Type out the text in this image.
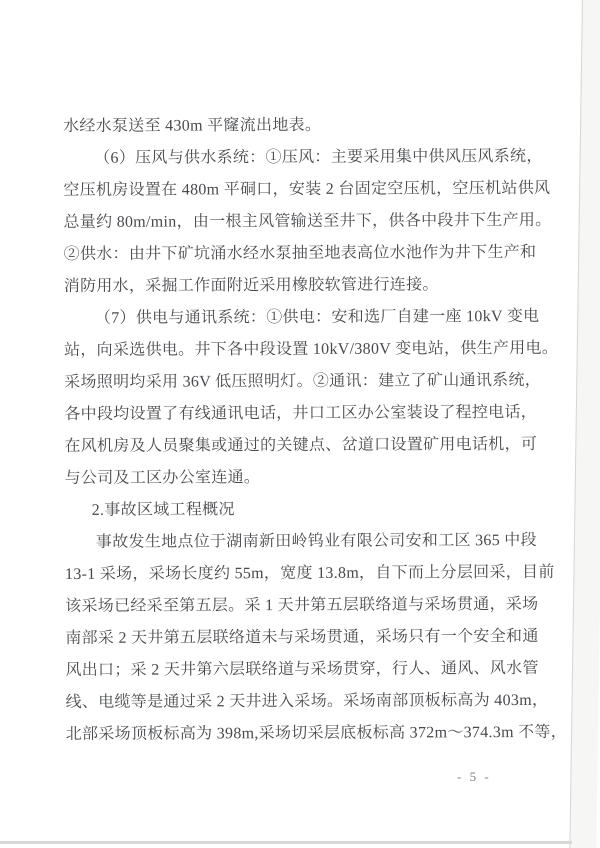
水经水泵送至 430m 平窿流出地表。
（6）压风与供水系统：①压风：主要采用集中供风压风系统，
空压机房设置在 480m 平硐口，安装 2 台固定空压机，空压机站供风
总量约 80m/min，由一根主风管输送至井下，供各中段井下生产用。
②供水：由井下矿坑涌水经水泵抽至地表高位水池作为井下生产和
消防用水，采掘工作面附近采用橡胶软管进行连接。
（7）供电与通讯系统：①供电：安和选厂自建一座 10kV 变电
站，向采选供电。井下各中段设置 10kV/380V 变电站，供生产用电。
采场照明均采用 36V 低压照明灯。②通讯：建立了矿山通讯系统，
各中段均设置了有线通讯电话，井口工区办公室装设了程控电话，
在风机房及人员聚集或通过的关键点、岔道口设置矿用电话机，可
与公司及工区办公室连通。
2.事故区域工程概况
事故发生地点位于湖南新田岭钨业有限公司安和工区 365 中段
13-1 采场，采场长度约 55m，宽度 13.8m，自下而上分层回采，目前
该采场已经采至第五层。采 1 天井第五层联络道与采场贯通，采场
南部采 2 天井第五层联络道未与采场贯通，采场只有一个安全和通
风出口；采 2 天井第六层联络道与采场贯穿，行人、通风、风水管
线、电缆等是通过采 2 天井进入采场。采场南部顶板标高为 403m，
北部采场顶板标高为 398m,采场切采层底板标高 372m～374.3m 不等，
- 5 -
